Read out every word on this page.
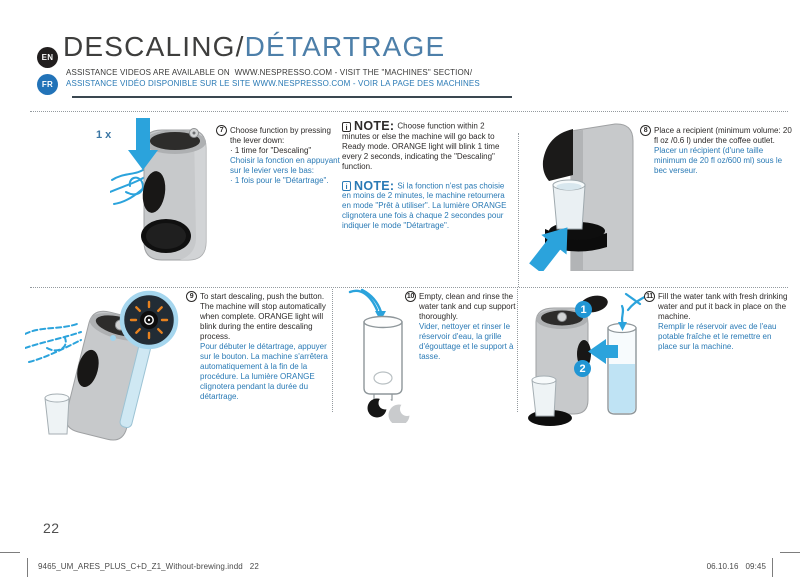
EN
FR
DESCALING/DÉTARTRAGE
ASSISTANCE VIDEOS ARE AVAILABLE ON  WWW.NESPRESSO.COM - VISIT THE "MACHINES" SECTION/
ASSISTANCE VIDÉO DISPONIBLE SUR LE SITE WWW.NESPRESSO.COM - VOIR LA PAGE DES MACHINES
1 x	7 Choose function by pressing the lever down:
· 1 time for "Descaling"
Choisir la fonction en appuyant sur le levier vers le bas:
· 1 fois pour le "Détartrage".

i NOTE: Choose function within 2 minutes or else the machine will go back to Ready mode. ORANGE light will blink 1 time every 2 seconds, indicating the "Descaling" function.

i NOTE: Si la fonction n'est pas choisie en moins de 2 minutes, le machine retournera en mode "Prêt à utiliser". La lumière ORANGE clignotera une fois à chaque 2 secondes pour indiquer le mode "Détartrage".

8 Place a recipient (minimum volume: 20 fl oz /0.6 l) under the coffee outlet.
Placer un récipient (d'une taille minimum de 20 fl oz/600 ml) sous le bec verseur.
9 To start descaling, push the button. The machine will stop automatically when complete. ORANGE light will blink during the entire descaling process.
Pour débuter le détartrage, appuyer sur le bouton. La machine s'arrêtera automatiquement à la fin de la procédure. La lumière ORANGE clignotera pendant la durée du détartrage.
10 Empty, clean and rinse the water tank and cup support thoroughly.
Vider, nettoyer et rinser le réservoir d'eau, la grille d'égouttage et le support à tasse.
1
2
11 Fill the water tank with fresh drinking water and put it back in place on the machine.
Remplir le réservoir avec de l'eau potable fraîche et le remettre en place sur la machine.
22
9465_UM_ARES_PLUS_C+D_Z1_Without-brewing.indd   22	06.10.16   09:45
